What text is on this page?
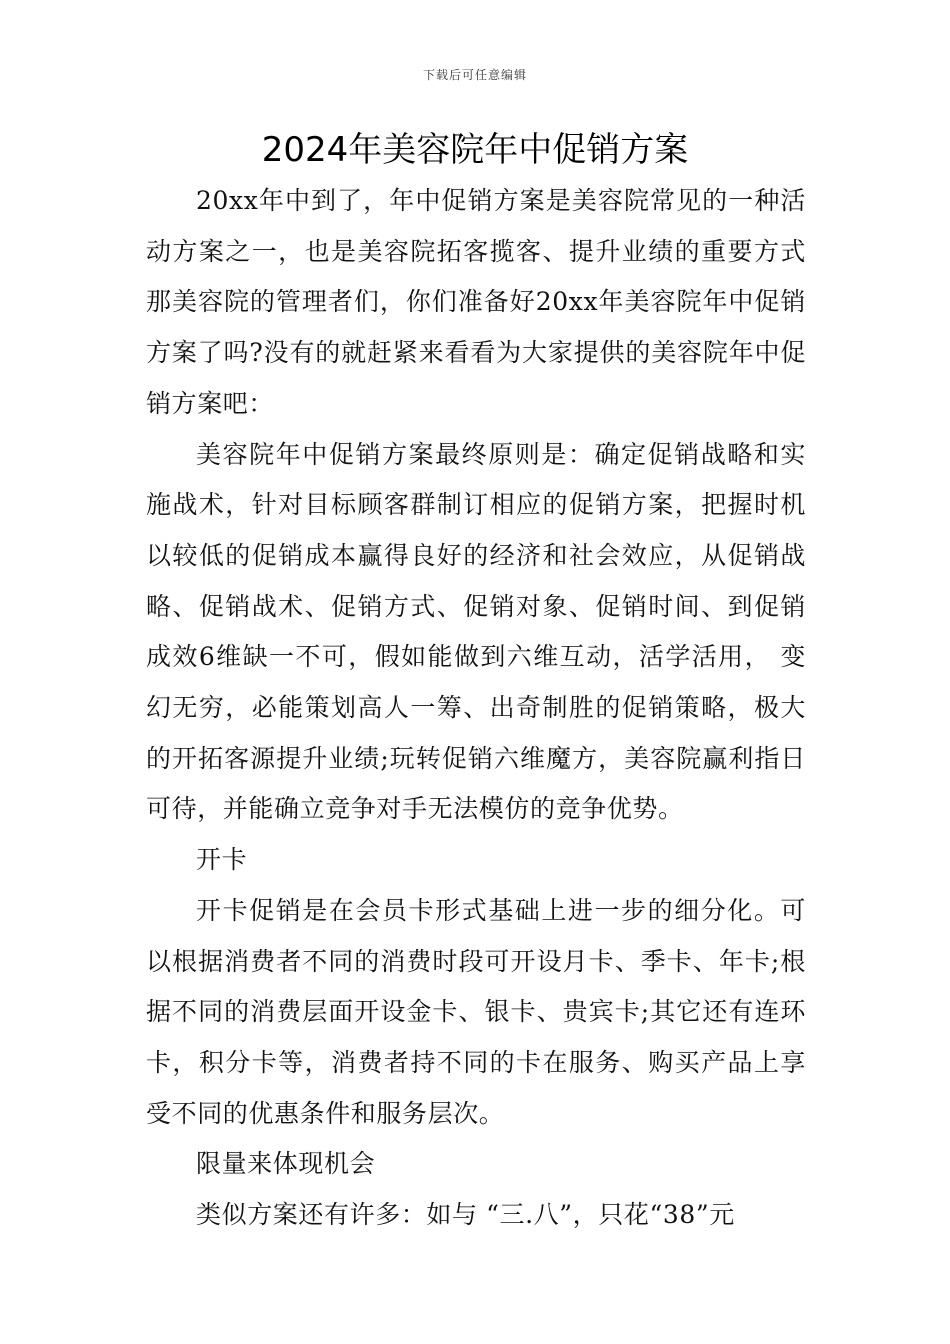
下载后可任意编辑
2024年美容院年中促销方案

20xx年中到了，年中促销方案是美容院常见的一种活动方案之一，也是美容院拓客揽客、提升业绩的重要方式那美容院的管理者们，你们准备好20xx年美容院年中促销方案了吗?没有的就赶紧来看看为大家提供的美容院年中促销方案吧：

美容院年中促销方案最终原则是：确定促销战略和实施战术，针对目标顾客群制订相应的促销方案，把握时机以较低的促销成本赢得良好的经济和社会效应，从促销战略、促销战术、促销方式、促销对象、促销时间、到促销成效6维缺一不可，假如能做到六维互动，活学活用， 变幻无穷，必能策划高人一筹、出奇制胜的促销策略，极大的开拓客源提升业绩;玩转促销六维魔方，美容院赢利指日可待，并能确立竞争对手无法模仿的竞争优势。

开卡

开卡促销是在会员卡形式基础上进一步的细分化。可以根据消费者不同的消费时段可开设月卡、季卡、年卡;根据不同的消费层面开设金卡、银卡、贵宾卡;其它还有连环卡，积分卡等，消费者持不同的卡在服务、购买产品上享受不同的优惠条件和服务层次。

限量来体现机会

类似方案还有许多：如与 “三.八”，只花“38”元
